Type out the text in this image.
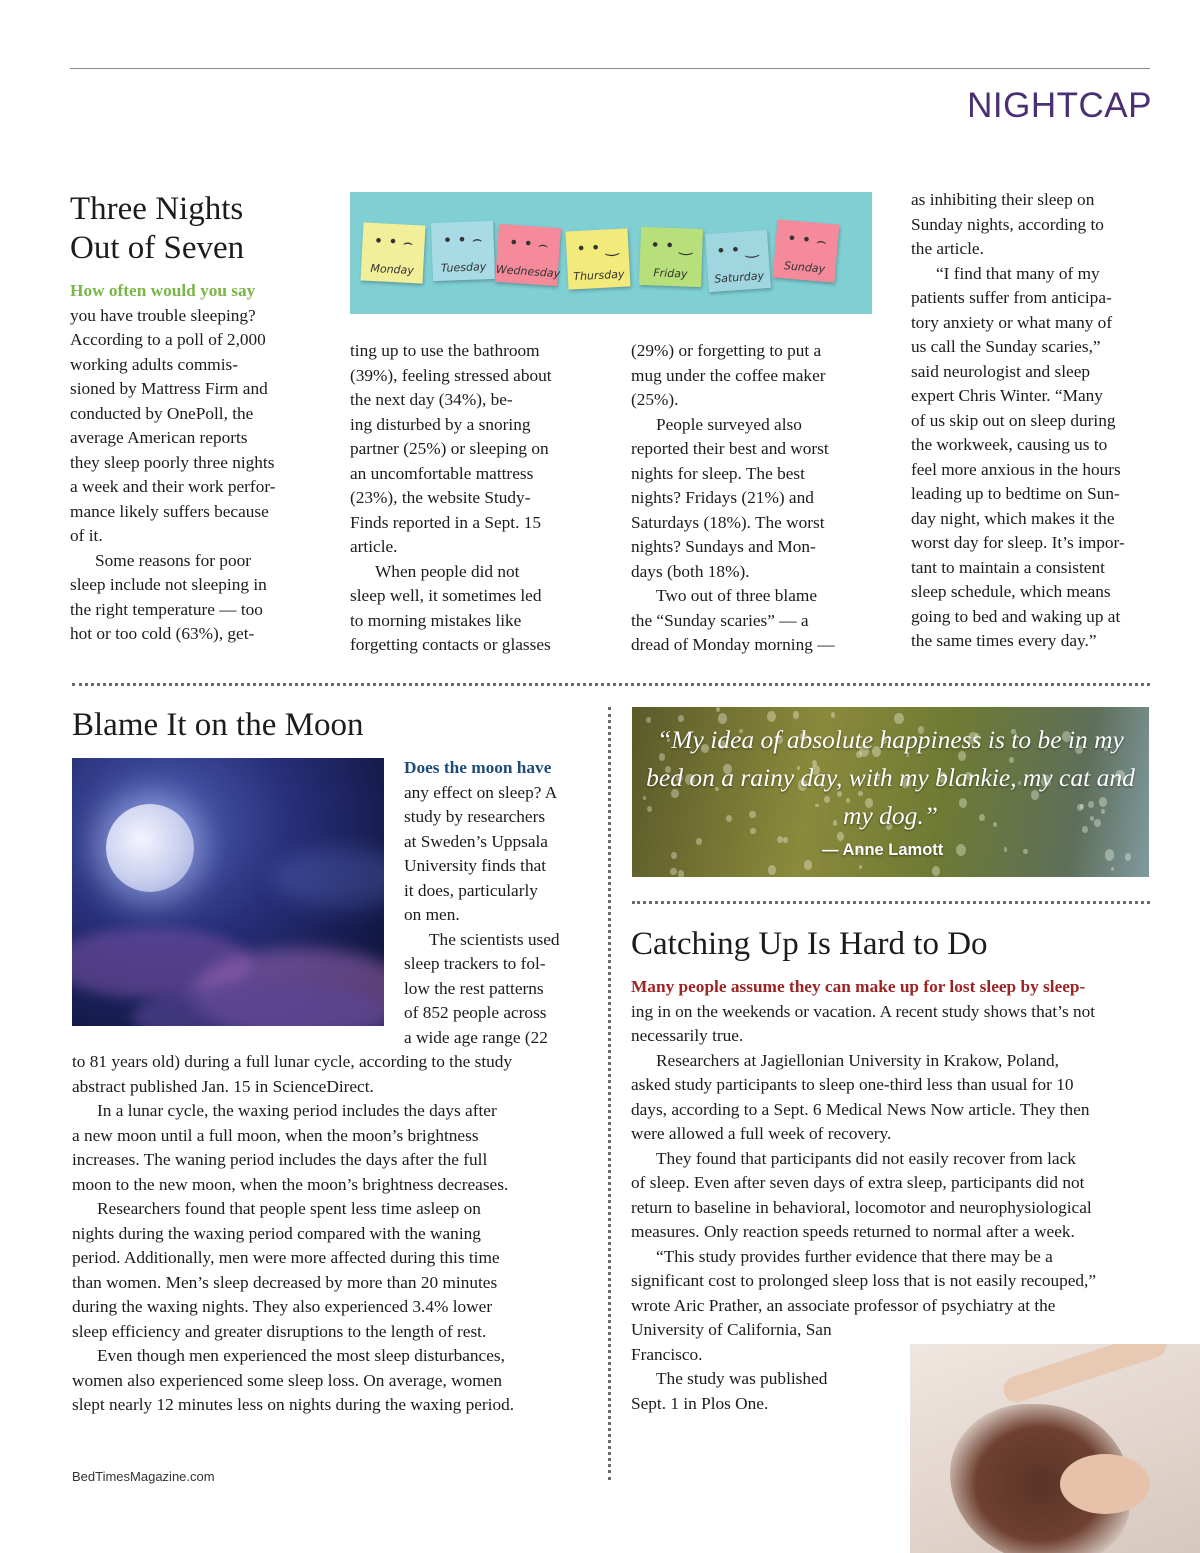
NIGHTCAP
Three Nights
Out of Seven

How often would you say

you have trouble sleeping?

According to a poll of 2,000

working adults commis-

sioned by Mattress Firm and

conducted by OnePoll, the

average American reports

they sleep poorly three nights

a week and their work perfor-

mance likely suffers because

of it.

Some reasons for poor

sleep include not sleeping in

the right temperature — too

hot or too cold (63%), get-

• • ⌢
Monday
• • ⌢
Tuesday
• • ⌢
Wednesday
• • ‿
Thursday
• • ‿
Friday
• • ‿
Saturday
• • ⌢
Sunday

ting up to use the bathroom

(39%), feeling stressed about

the next day (34%), be-

ing disturbed by a snoring

partner (25%) or sleeping on

an uncomfortable mattress

(23%), the website Study-

Finds reported in a Sept. 15

article.

When people did not

sleep well, it sometimes led

to morning mistakes like

forgetting contacts or glasses

(29%) or forgetting to put a

mug under the coffee maker

(25%).

People surveyed also

reported their best and worst

nights for sleep. The best

nights? Fridays (21%) and

Saturdays (18%). The worst

nights? Sundays and Mon-

days (both 18%).

Two out of three blame

the “Sunday scaries” — a

dread of Monday morning —

as inhibiting their sleep on

Sunday nights, according to

the article.

“I find that many of my

patients suffer from anticipa-

tory anxiety or what many of

us call the Sunday scaries,”

said neurologist and sleep

expert Chris Winter. “Many

of us skip out on sleep during

the workweek, causing us to

feel more anxious in the hours

leading up to bedtime on Sun-

day night, which makes it the

worst day for sleep. It’s impor-

tant to maintain a consistent

sleep schedule, which means

going to bed and waking up at

the same times every day.”

Blame It on the Moon

Does the moon have

any effect on sleep? A

study by researchers

at Sweden’s Uppsala

University finds that

it does, particularly

on men.

The scientists used

sleep trackers to fol-

low the rest patterns

of 852 people across

a wide age range (22

to 81 years old) during a full lunar cycle, according to the study

abstract published Jan. 15 in ScienceDirect.

In a lunar cycle, the waxing period includes the days after

a new moon until a full moon, when the moon’s brightness

increases. The waning period includes the days after the full

moon to the new moon, when the moon’s brightness decreases.

Researchers found that people spent less time asleep on

nights during the waxing period compared with the waning

period. Additionally, men were more affected during this time

than women. Men’s sleep decreased by more than 20 minutes

during the waxing nights. They also experienced 3.4% lower

sleep efficiency and greater disruptions to the length of rest.

Even though men experienced the most sleep disturbances,

women also experienced some sleep loss. On average, women

slept nearly 12 minutes less on nights during the waxing period.

“My idea of absolute happiness is to be in my bed on a rainy day, with my blankie, my cat and my dog.”
— Anne Lamott
Catching Up Is Hard to Do

Many people assume they can make up for lost sleep by sleep-

ing in on the weekends or vacation. A recent study shows that’s not

necessarily true.

Researchers at Jagiellonian University in Krakow, Poland,

asked study participants to sleep one-third less than usual for 10

days, according to a Sept. 6 Medical News Now article. They then

were allowed a full week of recovery.

They found that participants did not easily recover from lack

of sleep. Even after seven days of extra sleep, participants did not

return to baseline in behavioral, locomotor and neurophysiological

measures. Only reaction speeds returned to normal after a week.

“This study provides further evidence that there may be a

significant cost to prolonged sleep loss that is not easily recouped,”

wrote Aric Prather, an associate professor of psychiatry at the

University of California, San

Francisco.

The study was published

Sept. 1 in Plos One.

BedTimesMagazine.com
